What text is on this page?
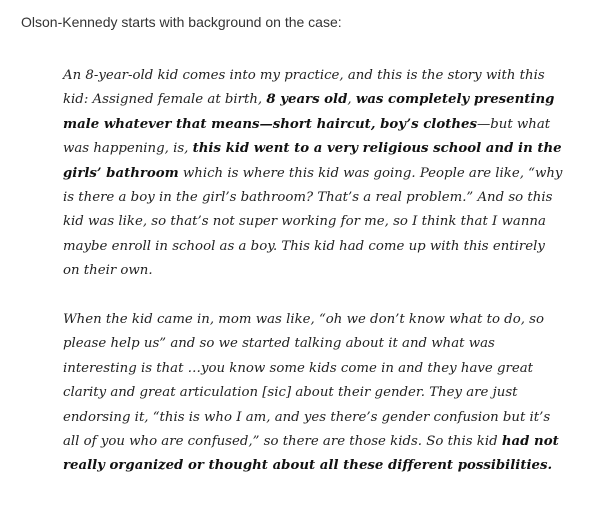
Olson-Kennedy starts with background on the case:

An 8-year-old kid comes into my practice, and this is the story with this kid: Assigned female at birth, 8 years old, was completely presenting male whatever that means—short haircut, boy’s clothes—but what was happening, is, this kid went to a very religious school and in the girls’ bathroom which is where this kid was going. People are like, “why is there a boy in the girl’s bathroom? That’s a real problem.” And so this kid was like, so that’s not super working for me, so I think that I wanna maybe enroll in school as a boy. This kid had come up with this entirely on their own.

When the kid came in, mom was like, “oh we don’t know what to do, so please help us” and so we started talking about it and what was interesting is that …you know some kids come in and they have great clarity and great articulation [sic] about their gender. They are just endorsing it, “this is who I am, and yes there’s gender confusion but it’s all of you who are confused,” so there are those kids. So this kid had not really organized or thought about all these different possibilities.
